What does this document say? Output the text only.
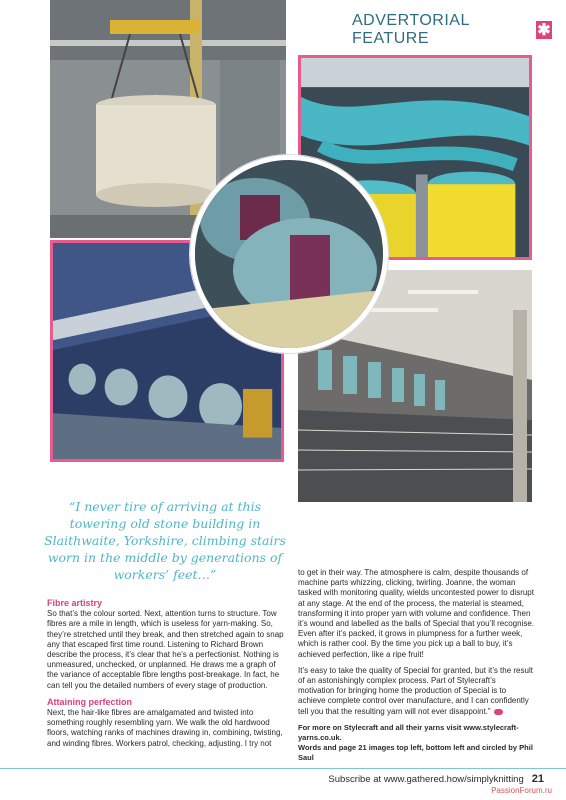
ADVERTORIAL FEATURE	✱
“I never tire of arriving at this towering old stone building in Slaithwaite, Yorkshire, climbing stairs worn in the middle by generations of workers’ feet…”
Fibre artistry

So that’s the colour sorted. Next, attention turns to structure. Tow fibres are a mile in length, which is useless for yarn-making. So, they’re stretched until they break, and then stretched again to snap any that escaped first time round. Listening to Richard Brown describe the process, it’s clear that he’s a perfectionist. Nothing is unmeasured, unchecked, or unplanned. He draws me a graph of the variance of acceptable fibre lengths post-breakage. In fact, he can tell you the detailed numbers of every stage of production.

Attaining perfection

Next, the hair-like fibres are amalgamated and twisted into something roughly resembling yarn. We walk the old hardwood floors, watching ranks of machines drawing in, combining, twisting, and winding fibres. Workers patrol, checking, adjusting. I try not

to get in their way. The atmosphere is calm, despite thousands of machine parts whizzing, clicking, twirling. Joanne, the woman tasked with monitoring quality, wields uncontested power to disrupt at any stage. At the end of the process, the material is steamed, transforming it into proper yarn with volume and confidence. Then it’s wound and labelled as the balls of Special that you’ll recognise. Even after it’s packed, it grows in plumpness for a further week, which is rather cool. By the time you pick up a ball to buy, it’s achieved perfection, like a ripe fruit!

It’s easy to take the quality of Special for granted, but it’s the result of an astonishingly complex process. Part of Stylecraft’s motivation for bringing home the production of Special is to achieve complete control over manufacture, and I can confidently tell you that the resulting yarn will not ever disappoint.”

For more on Stylecraft and all their yarns visit www.stylecraft-yarns.co.uk.
Words and page 21 images top left, bottom left and circled by Phil Saul
Subscribe at www.gathered.how/simplyknitting 21
PassionForum.ru
